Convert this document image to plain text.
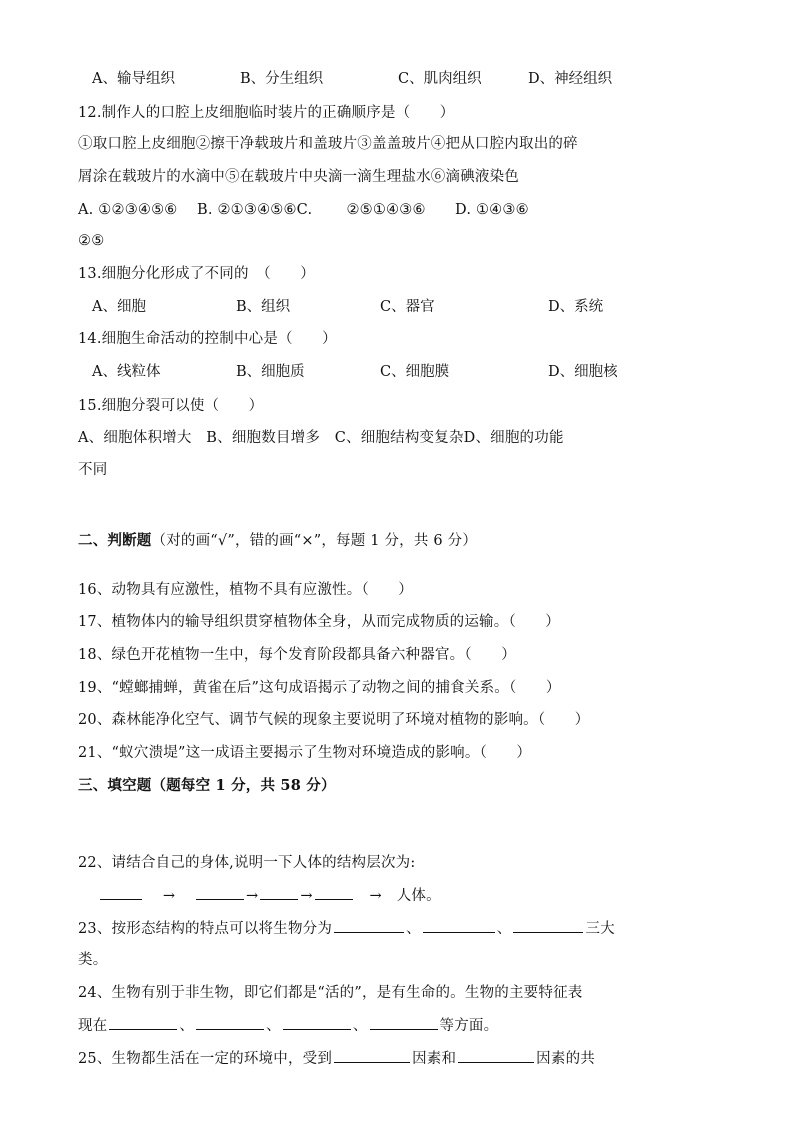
A、输导组织	B、分生组织	C、肌肉组织	D、神经组织
12.制作人的口腔上皮细胞临时装片的正确顺序是（　　）
①取口腔上皮细胞②擦干净载玻片和盖玻片③盖盖玻片④把从口腔内取出的碎
屑涂在载玻片的水滴中⑤在载玻片中央滴一滴生理盐水⑥滴碘液染色
A. ①②③④⑤⑥　 B. ②①③④⑤⑥C.　　 ②⑤①④③⑥　　D. ①④③⑥
②⑤
13.细胞分化形成了不同的　（　　）
A、细胞	B、组织	C、器官	D、系统
14.细胞生命活动的控制中心是（　　）
A、线粒体	B、细胞质	C、细胞膜	D、细胞核
15.细胞分裂可以使（　　）
A、细胞体积增大　B、细胞数目增多　C、细胞结构变复杂D、细胞的功能
不同
二、判断题（对的画“√”，错的画“×”，每题 1 分，共 6 分）
16、动物具有应激性，植物不具有应激性。（　　）
17、植物体内的输导组织贯穿植物体全身，从而完成物质的运输。（　　）
18、绿色开花植物一生中，每个发育阶段都具备六种器官。（　　）
19、“螳螂捕蝉，黄雀在后”这句成语揭示了动物之间的捕食关系。（　　）
20、森林能净化空气、调节气候的现象主要说明了环境对植物的影响。（　　）
21、“蚁穴溃堤”这一成语主要揭示了生物对环境造成的影响。（　　）
三、填空题（题每空 1 分，共 58 分）
22、请结合自己的身体,说明一下人体的结构层次为:
→	→	→	→ 人体。
23、按形态结构的特点可以将生物分为	、	、	三大
类。
24、生物有别于非生物，即它们都是“活的”，是有生命的。生物的主要特征表
现在	、	、	、	等方面。
25、生物都生活在一定的环境中，受到	因素和	因素的共
